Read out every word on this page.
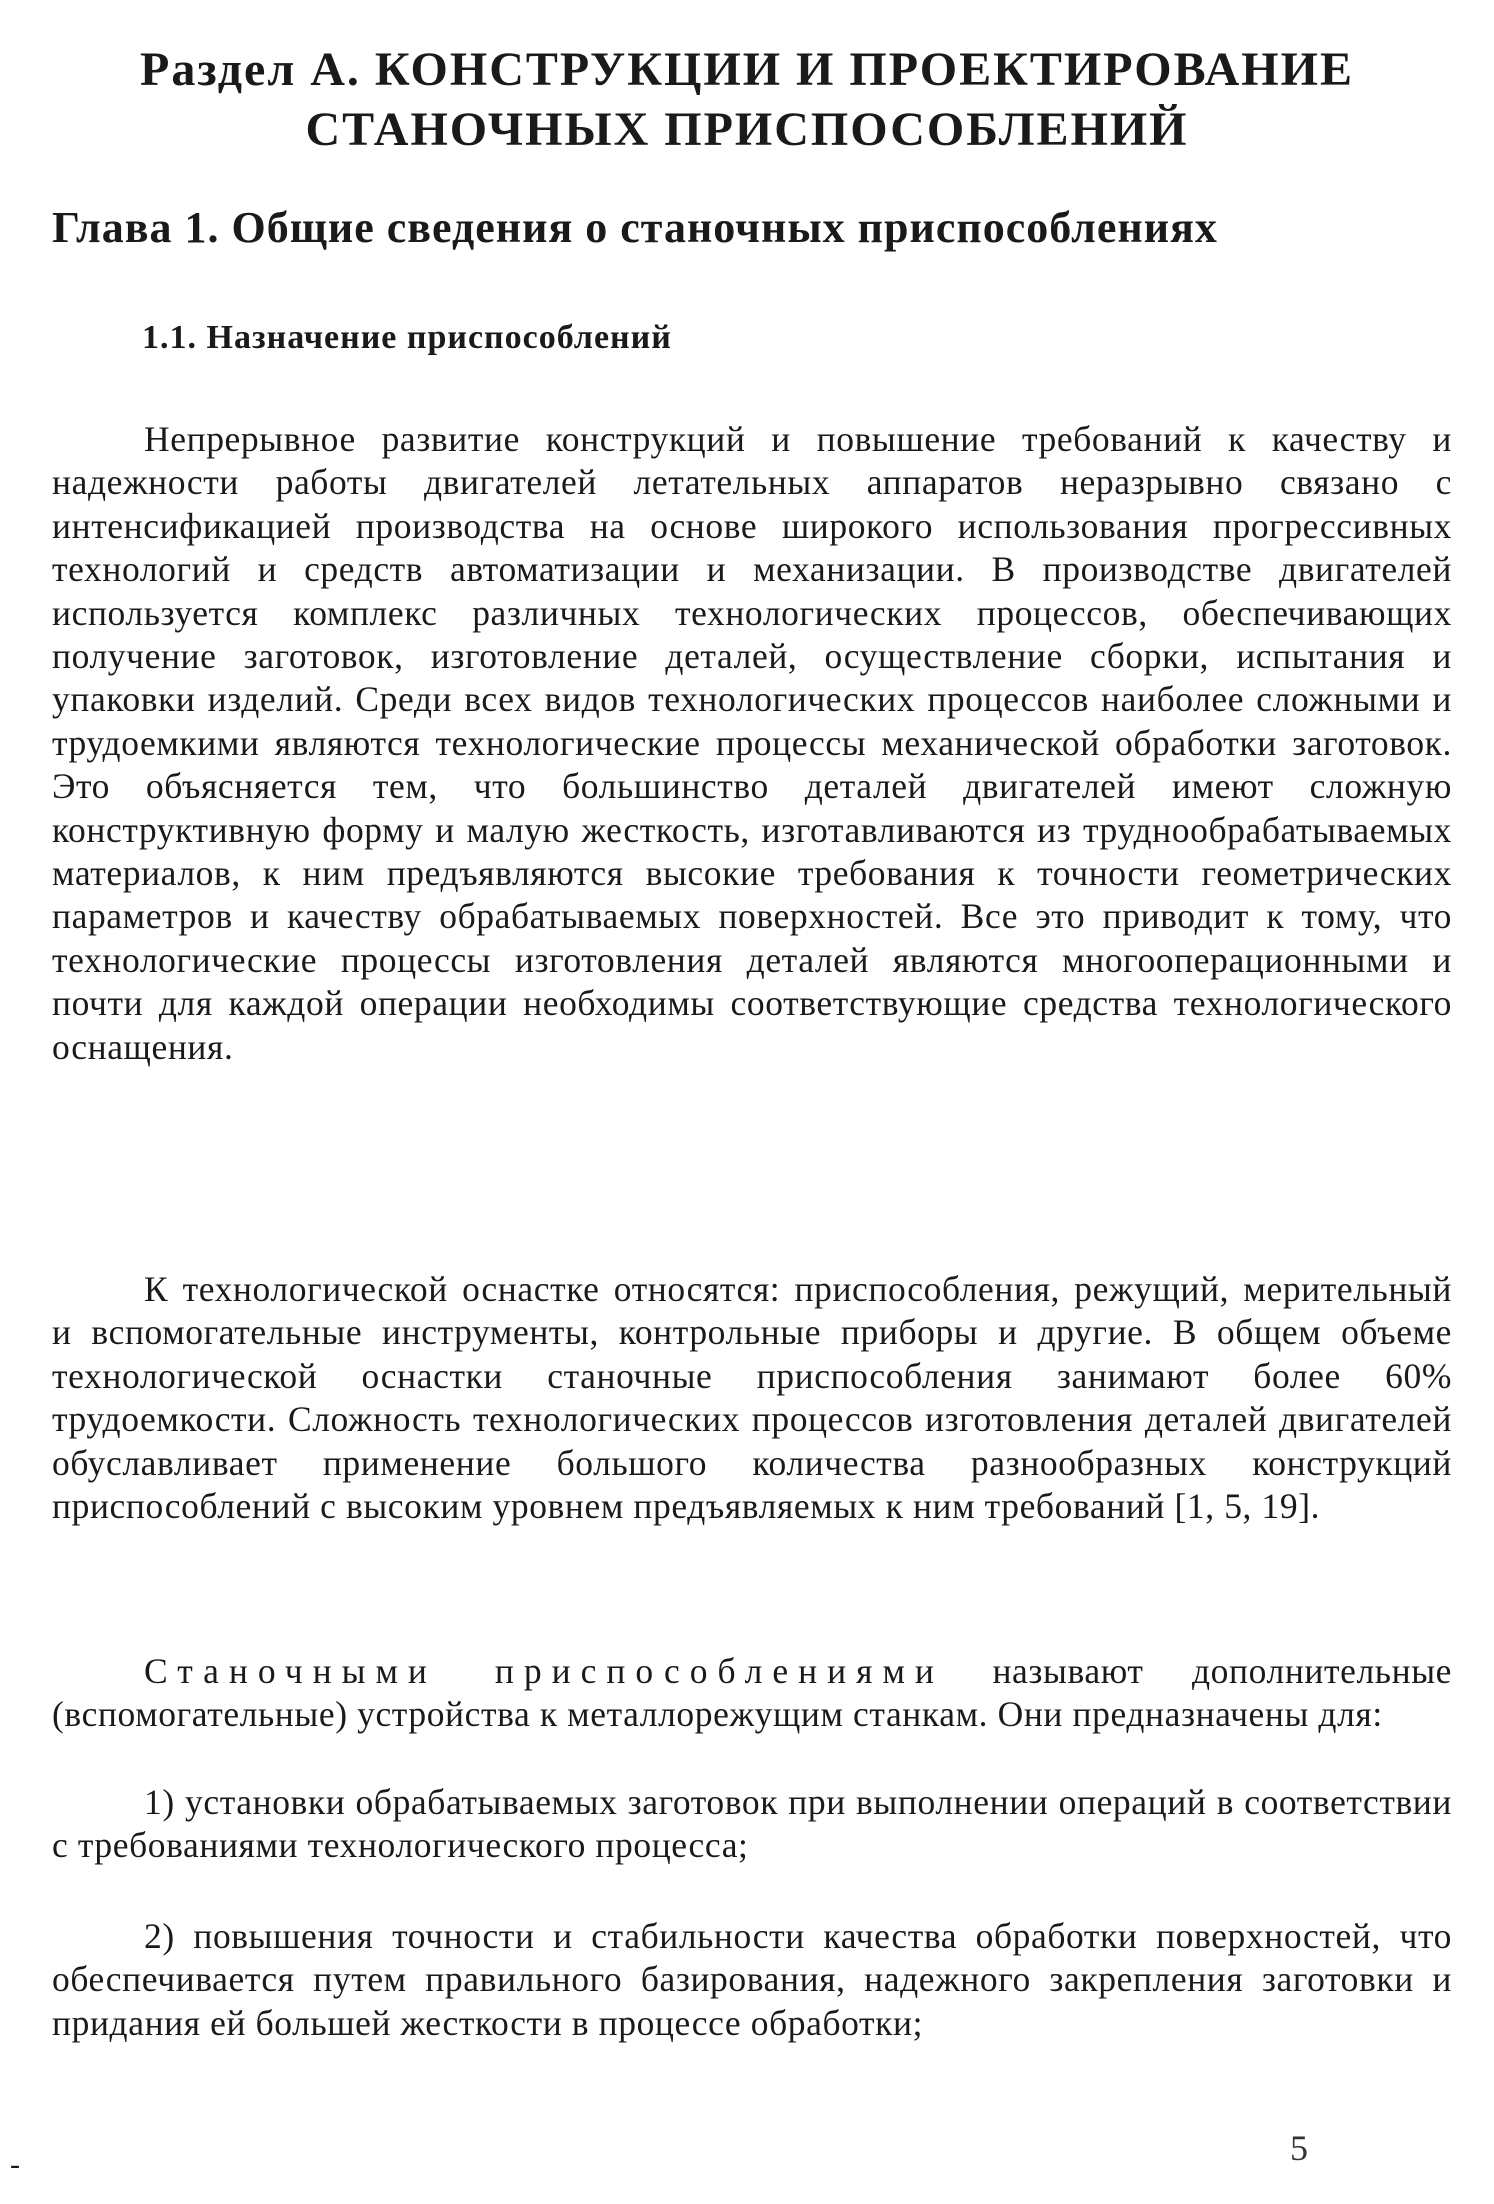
Раздел А. КОНСТРУКЦИИ И ПРОЕКТИРОВАНИЕ
СТАНОЧНЫХ ПРИСПОСОБЛЕНИЙ
Глава 1. Общие сведения о станочных приспособлениях
1.1. Назначение приспособлений

Непрерывное развитие конструкций и повышение требований к качеству и надежности работы двигателей летательных аппаратов неразрывно связано с интенсификацией производства на основе широкого использования прогрессивных технологий и средств автоматизации и механизации. В производстве двигателей используется комплекс различных технологических процессов, обеспечивающих получение заготовок, изготовление деталей, осуществление сборки, испытания и упаковки изделий. Среди всех видов технологических процессов наиболее сложными и трудоемкими являются технологические процессы механической обработки заготовок. Это объясняется тем, что большинство деталей двигателей имеют сложную конструктивную форму и малую жесткость, изготавливаются из труднообрабатываемых материалов, к ним предъявляются высокие требования к точности геометрических параметров и качеству обрабатываемых поверхностей. Все это приводит к тому, что технологические процессы изготовления деталей являются многооперационными и почти для каждой операции необходимы соответствующие средства технологического оснащения.

К технологической оснастке относятся: приспособления, режущий, мерительный и вспомогательные инструменты, контрольные приборы и другие. В общем объеме технологической оснастки станочные приспособления занимают более 60% трудоемкости. Сложность технологических процессов изготовления деталей двигателей обуславливает применение большого количества разнообразных конструкций приспособлений с высоким уровнем предъявляемых к ним требований [1, 5, 19].

Станочными приспособлениями называют дополнительные (вспомогательные) устройства к металлорежущим станкам. Они предназначены для:

1) установки обрабатываемых заготовок при выполнении операций в соответствии с требованиями технологического процесса;

2) повышения точности и стабильности качества обработки поверхностей, что обеспечивается путем правильного базирования, надежного закрепления заготовки и придания ей большей жесткости в процессе обработки;

-	5
